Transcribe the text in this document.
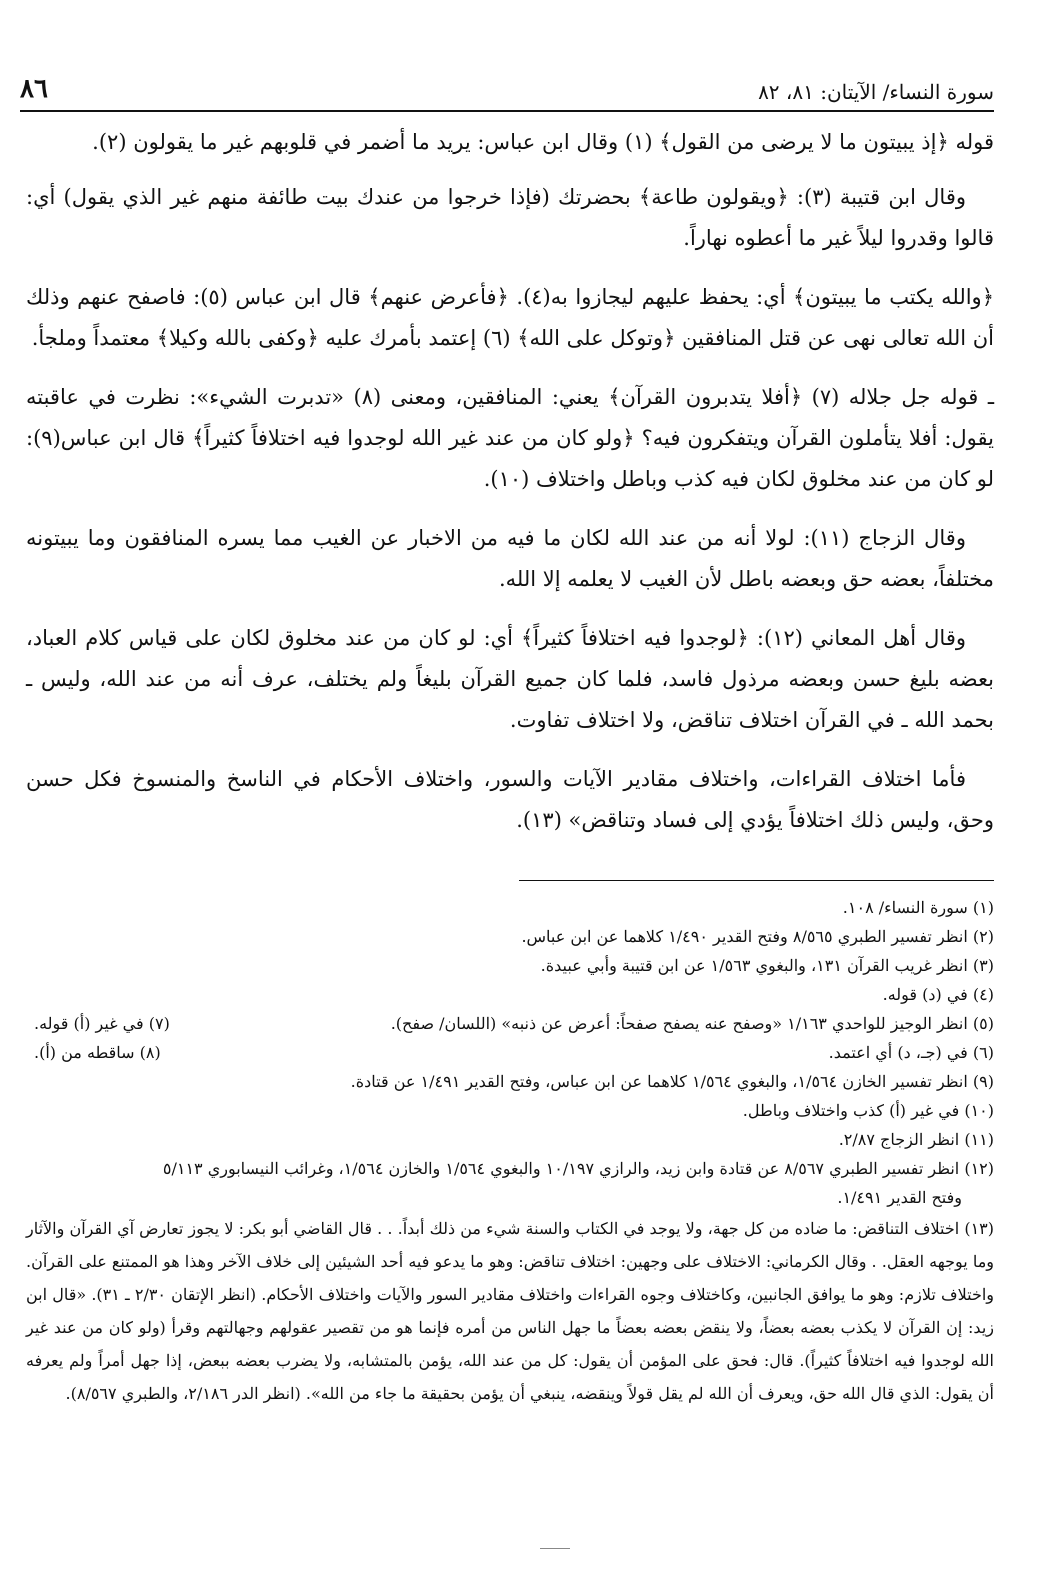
سورة النساء/ الآيتان: ٨١، ٨٢
٨٦

قوله ﴿إذ يبيتون ما لا يرضى من القول﴾ (١) وقال ابن عباس: يريد ما أضمر في قلوبهم غير ما يقولون (٢).

وقال ابن قتيبة (٣): ﴿ويقولون طاعة﴾ بحضرتك (فإذا خرجوا من عندك بيت طائفة منهم غير الذي يقول) أي: قالوا وقدروا ليلاً غير ما أعطوه نهاراً.

﴿والله يكتب ما يبيتون﴾ أي: يحفظ عليهم ليجازوا به(٤). ﴿فأعرض عنهم﴾ قال ابن عباس (٥): فاصفح عنهم وذلك أن الله تعالى نهى عن قتل المنافقين ﴿وتوكل على الله﴾ (٦) إعتمد بأمرك عليه ﴿وكفى بالله وكيلا﴾ معتمداً وملجأ.

ـ قوله جل جلاله (٧) ﴿أفلا يتدبرون القرآن﴾ يعني: المنافقين، ومعنى (٨) «تدبرت الشيء»: نظرت في عاقبته يقول: أفلا يتأملون القرآن ويتفكرون فيه؟ ﴿ولو كان من عند غير الله لوجدوا فيه اختلافاً كثيراً﴾ قال ابن عباس(٩): لو كان من عند مخلوق لكان فيه كذب وباطل واختلاف (١٠).

وقال الزجاج (١١): لولا أنه من عند الله لكان ما فيه من الاخبار عن الغيب مما يسره المنافقون وما يبيتونه مختلفاً، بعضه حق وبعضه باطل لأن الغيب لا يعلمه إلا الله.

وقال أهل المعاني (١٢): ﴿لوجدوا فيه اختلافاً كثيراً﴾ أي: لو كان من عند مخلوق لكان على قياس كلام العباد، بعضه بليغ حسن وبعضه مرذول فاسد، فلما كان جميع القرآن بليغاً ولم يختلف، عرف أنه من عند الله، وليس ـ بحمد الله ـ في القرآن اختلاف تناقض، ولا اختلاف تفاوت.

فأما اختلاف القراءات، واختلاف مقادير الآيات والسور، واختلاف الأحكام في الناسخ والمنسوخ فكل حسن وحق، وليس ذلك اختلافاً يؤدي إلى فساد وتناقض» (١٣).

(١) سورة النساء/ ١٠٨.
(٢) انظر تفسير الطبري ٨/٥٦٥ وفتح القدير ١/٤٩٠ كلاهما عن ابن عباس.
(٣) انظر غريب القرآن ١٣١، والبغوي ١/٥٦٣ عن ابن قتيبة وأبي عبيدة.
(٤) في (د) قوله.
(٥) انظر الوجيز للواحدي ١/١٦٣ «وصفح عنه يصفح صفحاً: أعرض عن ذنبه» (اللسان/ صفح).
(٧) في غير (أ) قوله.
(٦) في (جـ، د) أي اعتمد.
(٨) ساقطه من (أ).
(٩) انظر تفسير الخازن ١/٥٦٤، والبغوي ١/٥٦٤ كلاهما عن ابن عباس، وفتح القدير ١/٤٩١ عن قتادة.
(١٠) في غير (أ) كذب واختلاف وباطل.
(١١) انظر الزجاج ٢/٨٧.
(١٢) انظر تفسير الطبري ٨/٥٦٧ عن قتادة وابن زيد، والرازي ١٠/١٩٧ والبغوي ١/٥٦٤ والخازن ١/٥٦٤، وغرائب النيسابوري ٥/١١٣
وفتح القدير ١/٤٩١.
(١٣) اختلاف التناقض: ما ضاده من كل جهة، ولا يوجد في الكتاب والسنة شيء من ذلك أبداً. . . قال القاضي أبو بكر: لا يجوز تعارض آي القرآن والآثار وما يوجهه العقل. . وقال الكرماني: الاختلاف على وجهين: اختلاف تناقض: وهو ما يدعو فيه أحد الشيئين إلى خلاف الآخر وهذا هو الممتنع على القرآن. واختلاف تلازم: وهو ما يوافق الجانبين، وكاختلاف وجوه القراءات واختلاف مقادير السور والآيات واختلاف الأحكام. (انظر الإتقان ٢/٣٠ ـ ٣١). «قال ابن زيد: إن القرآن لا يكذب بعضه بعضاً، ولا ينقض بعضه بعضاً ما جهل الناس من أمره فإنما هو من تقصير عقولهم وجهالتهم وقرأ (ولو كان من عند غير الله لوجدوا فيه اختلافاً كثيراً). قال: فحق على المؤمن أن يقول: كل من عند الله، يؤمن بالمتشابه، ولا يضرب بعضه ببعض، إذا جهل أمراً ولم يعرفه أن يقول: الذي قال الله حق، ويعرف أن الله لم يقل قولاً وينقضه، ينبغي أن يؤمن بحقيقة ما جاء من الله». (انظر الدر ٢/١٨٦، والطبري ٨/٥٦٧).
